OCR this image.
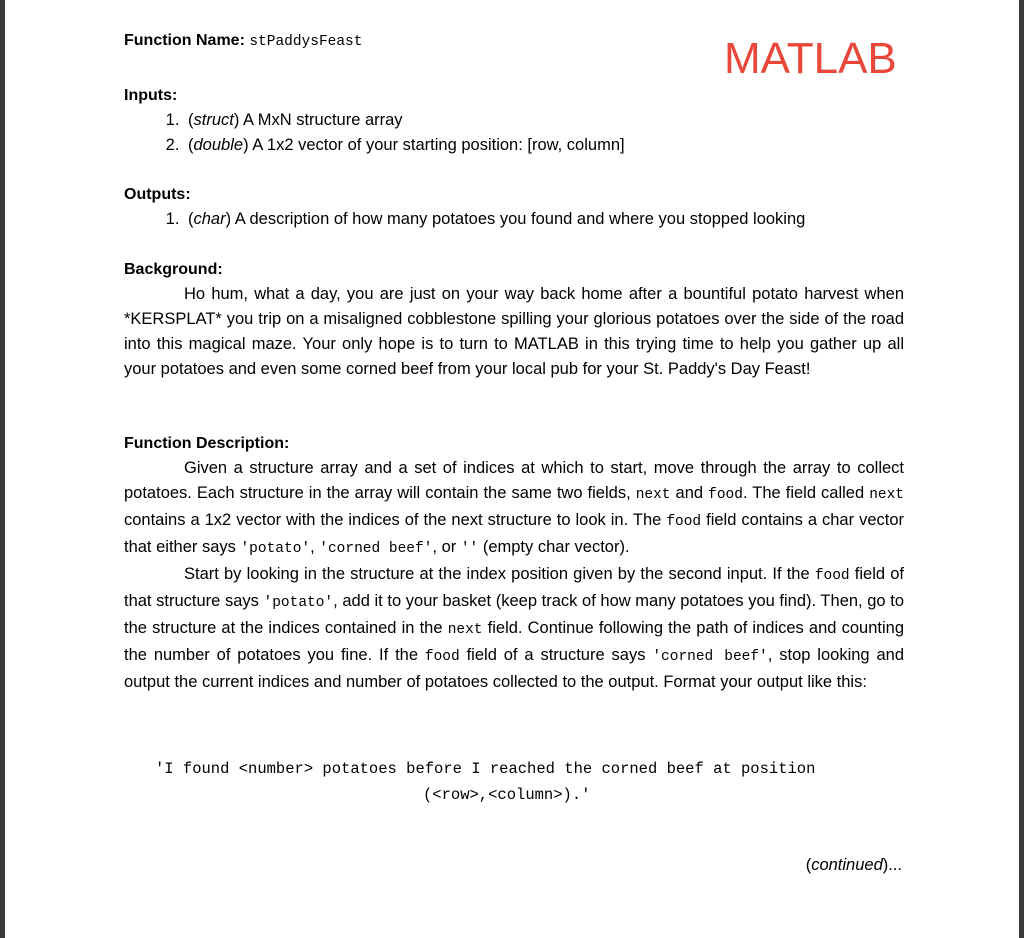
MATLAB
Function Name: stPaddysFeast
Inputs:
1. (struct) A MxN structure array
2. (double) A 1x2 vector of your starting position: [row, column]
Outputs:
1. (char) A description of how many potatoes you found and where you stopped looking
Background:

Ho hum, what a day, you are just on your way back home after a bountiful potato harvest when *KERSPLAT* you trip on a misaligned cobblestone spilling your glorious potatoes over the side of the road into this magical maze. Your only hope is to turn to MATLAB in this trying time to help you gather up all your potatoes and even some corned beef from your local pub for your St. Paddy's Day Feast!

Function Description:

Given a structure array and a set of indices at which to start, move through the array to collect potatoes. Each structure in the array will contain the same two fields, next and food. The field called next contains a 1x2 vector with the indices of the next structure to look in. The food field contains a char vector that either says 'potato', 'corned beef', or '' (empty char vector).

Start by looking in the structure at the index position given by the second input. If the food field of that structure says 'potato', add it to your basket (keep track of how many potatoes you find). Then, go to the structure at the indices contained in the next field. Continue following the path of indices and counting the number of potatoes you fine. If the food field of a structure says 'corned beef', stop looking and output the current indices and number of potatoes collected to the output. Format your output like this:

'I found <number> potatoes before I reached the corned beef at position
(<row>,<column>).'
(continued)...
